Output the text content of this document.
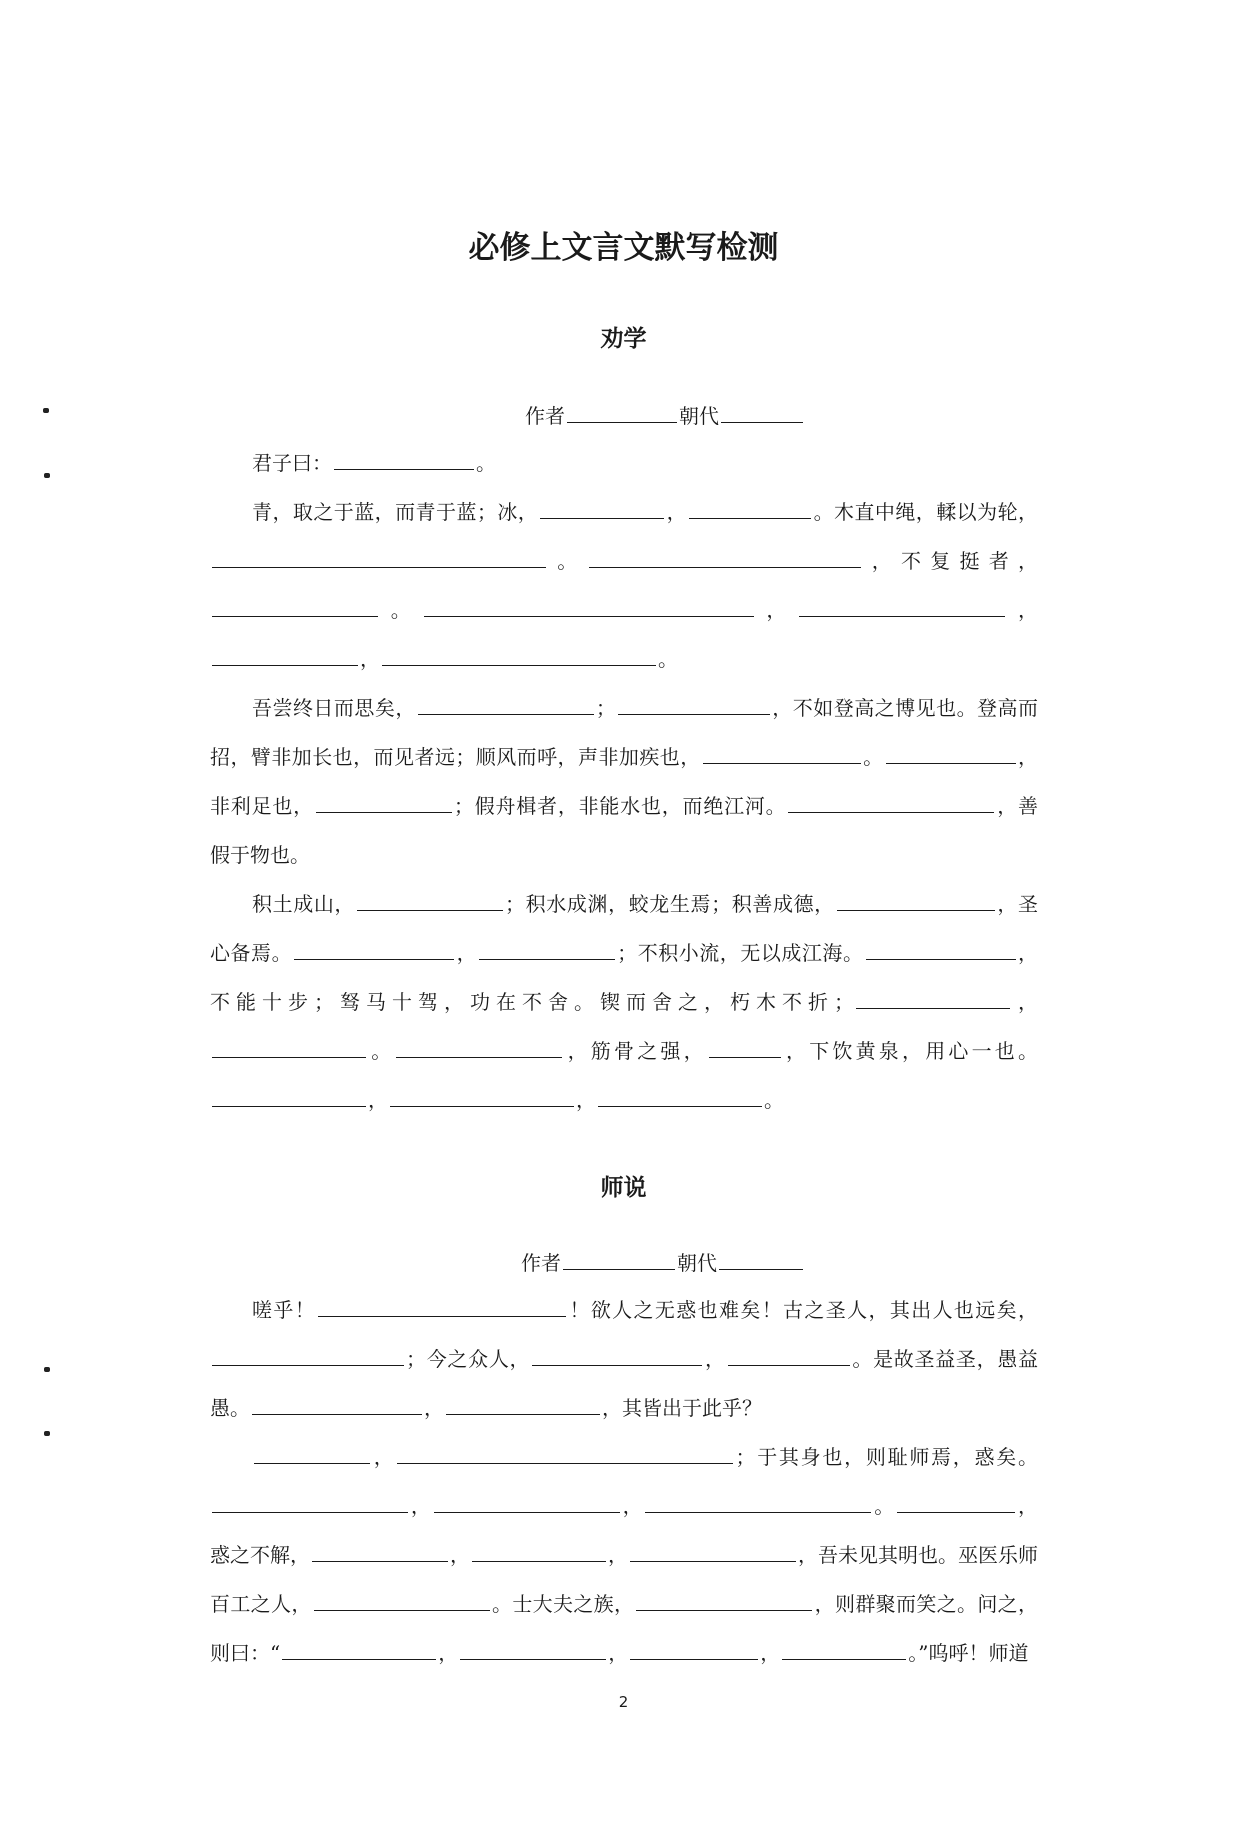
必修上文言文默写检测
劝学
作者	朝代

君子曰：	。

青，取之于蓝，而青于蓝；冰，	，	。木直中绳，輮以为轮，。	，不复挺者，。	，	，，	。

吾尝终日而思矣，	；	，不如登高之博见也。登高而招，臂非加长也，而见者远；顺风而呼，声非加疾也，	。	，非利足也，	；假舟楫者，非能水也，而绝江河。	，善假于物也。

积土成山，	；积水成渊，蛟龙生焉；积善成德，	，圣心备焉。	，	；不积小流，无以成江海。	，不能十步；驽马十驾，功在不舍。锲而舍之，朽木不折；	，。	，筋骨之强，	，下饮黄泉，用心一也。，	，	。

师说
作者	朝代

嗟乎！	！欲人之无惑也难矣！古之圣人，其出人也远矣，；今之众人，	，	。是故圣益圣，愚益愚。	，	，其皆出于此乎？

，	；于其身也，则耻师焉，惑矣。，	，	。	，惑之不解，	，	，	，吾未见其明也。巫医乐师百工之人，	。士大夫之族，	，则群聚而笑之。问之，则曰：“	，	，	，	。”呜呼！师道

2
